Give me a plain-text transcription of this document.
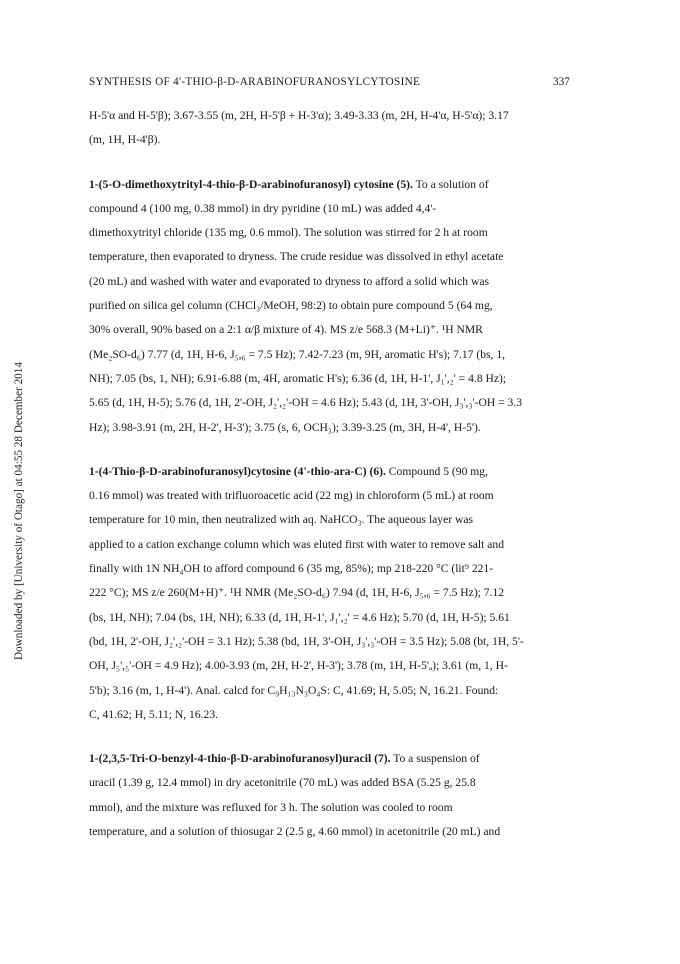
SYNTHESIS OF 4'-THIO-β-D-ARABINOFURANOSYLCYTOSINE	337
Downloaded by [University of Otago] at 04:55 28 December 2014

H-5'α and H-5'β); 3.67-3.55 (m, 2H, H-5'β + H-3'α); 3.49-3.33 (m, 2H, H-4'α, H-5'α); 3.17
(m, 1H, H-4'β).

1-(5-O-dimethoxytrityl-4-thio-β-D-arabinofuranosyl) cytosine (5). To a solution of
compound 4 (100 mg, 0.38 mmol) in dry pyridine (10 mL) was added 4,4'-
dimethoxytrityl chloride (135 mg, 0.6 mmol). The solution was stirred for 2 h at room
temperature, then evaporated to dryness. The crude residue was dissolved in ethyl acetate
(20 mL) and washed with water and evaporated to dryness to afford a solid which was
purified on silica gel column (CHCl₃/MeOH, 98:2) to obtain pure compound 5 (64 mg,
30% overall, 90% based on a 2:1 α/β mixture of 4). MS z/e 568.3 (M+Li)⁺. ¹H NMR
(Me₂SO-d₆) 7.77 (d, 1H, H-6, J₅,₆ = 7.5 Hz); 7.42-7.23 (m, 9H, aromatic H's); 7.17 (bs, 1,
NH); 7.05 (bs, 1, NH); 6.91-6.88 (m, 4H, aromatic H's); 6.36 (d, 1H, H-1', J₁',₂' = 4.8 Hz);
5.65 (d, 1H, H-5); 5.76 (d, 1H, 2'-OH, J₂',₂'-OH = 4.6 Hz); 5.43 (d, 1H, 3'-OH, J₃',₃'-OH = 3.3
Hz); 3.98-3.91 (m, 2H, H-2', H-3'); 3.75 (s, 6, OCH₃); 3.39-3.25 (m, 3H, H-4', H-5').

1-(4-Thio-β-D-arabinofuranosyl)cytosine (4'-thio-ara-C) (6). Compound 5 (90 mg,
0.16 mmol) was treated with trifluoroacetic acid (22 mg) in chloroform (5 mL) at room
temperature for 10 min, then neutralized with aq. NaHCO₃. The aqueous layer was
applied to a cation exchange column which was eluted first with water to remove salt and
finally with 1N NH₄OH to afford compound 6 (35 mg, 85%); mp 218-220 °C (lit⁹ 221-
222 °C); MS z/e 260(M+H)⁺. ¹H NMR (Me₂SO-d₆) 7.94 (d, 1H, H-6, J₅,₆ = 7.5 Hz); 7.12
(bs, 1H, NH); 7.04 (bs, 1H, NH); 6.33 (d, 1H, H-1', J₁',₂' = 4.6 Hz); 5.70 (d, 1H, H-5); 5.61
(bd, 1H, 2'-OH, J₂',₂'-OH = 3.1 Hz); 5.38 (bd, 1H, 3'-OH, J₃',₃'-OH = 3.5 Hz); 5.08 (bt, 1H, 5'-
OH, J₅',₅'-OH = 4.9 Hz); 4.00-3.93 (m, 2H, H-2', H-3'); 3.78 (m, 1H, H-5'ₐ); 3.61 (m, 1, H-
5'b); 3.16 (m, 1, H-4'). Anal. calcd for C₉H₁₃N₃O₄S: C, 41.69; H, 5.05; N, 16.21. Found:
C, 41.62; H, 5.11; N, 16.23.

1-(2,3,5-Tri-O-benzyl-4-thio-β-D-arabinofuranosyl)uracil (7). To a suspension of
uracil (1.39 g, 12.4 mmol) in dry acetonitrile (70 mL) was added BSA (5.25 g, 25.8
mmol), and the mixture was refluxed for 3 h. The solution was cooled to room
temperature, and a solution of thiosugar 2 (2.5 g, 4.60 mmol) in acetonitrile (20 mL) and
